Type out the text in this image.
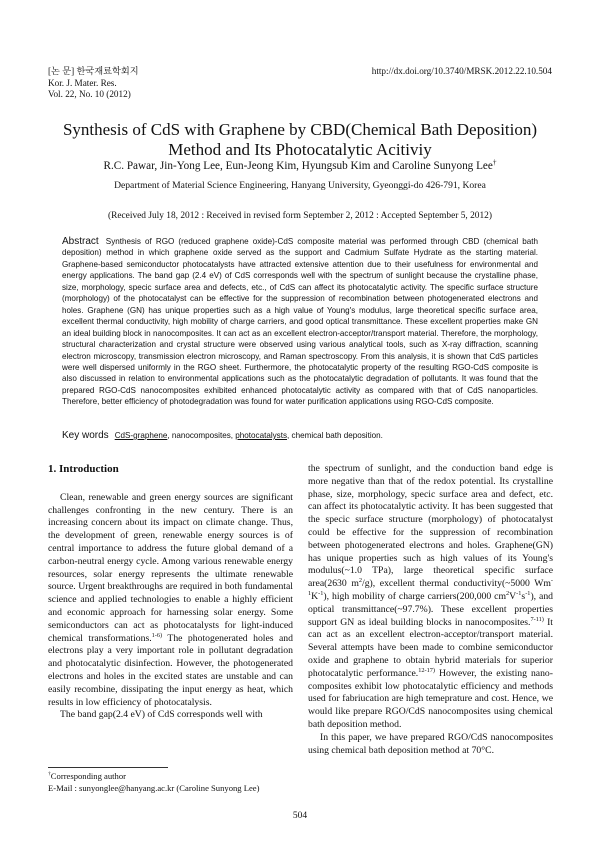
[논 문] 한국재료학회지
Kor. J. Mater. Res.
Vol. 22, No. 10 (2012)
http://dx.doi.org/10.3740/MRSK.2012.22.10.504
Synthesis of CdS with Graphene by CBD(Chemical Bath Deposition)
Method and Its Photocatalytic Acitiviy
R.C. Pawar, Jin-Yong Lee, Eun-Jeong Kim, Hyungsub Kim and Caroline Sunyong Lee†
Department of Material Science Engineering, Hanyang University, Gyeonggi-do 426-791, Korea
(Received July 18, 2012 : Received in revised form September 2, 2012 : Accepted September 5, 2012)
Abstract Synthesis of RGO (reduced graphene oxide)-CdS composite material was performed through CBD (chemical bath deposition) method in which graphene oxide served as the support and Cadmium Sulfate Hydrate as the starting material. Graphene-based semiconductor photocatalysts have attracted extensive attention due to their usefulness for environmental and energy applications. The band gap (2.4 eV) of CdS corresponds well with the spectrum of sunlight because the crystalline phase, size, morphology, specic surface area and defects, etc., of CdS can affect its photocatalytic activity. The specific surface structure (morphology) of the photocatalyst can be effective for the suppression of recombination between photogenerated electrons and holes. Graphene (GN) has unique properties such as a high value of Young's modulus, large theoretical specific surface area, excellent thermal conductivity, high mobility of charge carriers, and good optical transmittance. These excellent properties make GN an ideal building block in nanocomposites. It can act as an excellent electron-acceptor/transport material. Therefore, the morphology, structural characterization and crystal structure were observed using various analytical tools, such as X-ray diffraction, scanning electron microscopy, transmission electron microscopy, and Raman spectroscopy. From this analysis, it is shown that CdS particles were well dispersed uniformly in the RGO sheet. Furthermore, the photocatalytic property of the resulting RGO-CdS composite is also discussed in relation to environmental applications such as the photocatalytic degradation of pollutants. It was found that the prepared RGO-CdS nanocomposites exhibited enhanced photocatalytic activity as compared with that of CdS nanoparticles. Therefore, better efficiency of photodegradation was found for water purification applications using RGO-CdS composite.
Key words CdS-graphene, nanocomposites, photocatalysts, chemical bath deposition.
1. Introduction

Clean, renewable and green energy sources are significant challenges confronting in the new century. There is an increasing concern about its impact on climate change. Thus, the development of green, renewable energy sources is of central importance to address the future global demand of a carbon-neutral energy cycle. Among various renewable energy resources, solar energy represents the ultimate renewable source. Urgent breakthroughs are required in both fundamental science and applied technologies to enable a highly efficient and economic approach for harnessing solar energy. Some semiconductors can act as photocatalysts for light-induced chemical transformations.$^{1-6)}$ The photogenerated holes and electrons play a very important role in pollutant degradation and photocatalytic disinfection. However, the photogenerated electrons and holes in the excited states are unstable and can easily recombine, dissipating the input energy as heat, which results in low efficiency of photocatalysis.

The band gap(2.4 eV) of CdS corresponds well with

the spectrum of sunlight, and the conduction band edge is more negative than that of the redox potential. Its crystalline phase, size, morphology, specic surface area and defect, etc. can affect its photocatalytic activity. It has been suggested that the specic surface structure (morphology) of photocatalyst could be effective for the suppression of recombination between photogenerated electrons and holes. Graphene(GN) has unique properties such as high values of its Young's modulus(~1.0 TPa), large theoretical specific surface area(2630 $m^2/g$), excellent thermal conductivity(~5000 $Wm^{-1}K^{-1}$), high mobility of charge carriers(200,000 $cm^2V^{-1}s^{-1}$), and optical transmittance(~97.7%). These excellent properties support GN as ideal building blocks in nanocomposites.$^{7-11)}$ It can act as an excellent electron-acceptor/transport material. Several attempts have been made to combine semiconductor oxide and graphene to obtain hybrid materials for superior photocatalytic performance.$^{12-17)}$ However, the existing nano-composites exhibit low photocatalytic efficiency and methods used for fabriucation are high temeprature and cost. Hence, we would like prepare RGO/CdS nanocomposites using chemical bath deposition method.

In this paper, we have prepared RGO/CdS nanocomposites using chemical bath deposition method at 70°C.

†Corresponding author
E-Mail : sunyonglee@hanyang.ac.kr (Caroline Sunyong Lee)
504
